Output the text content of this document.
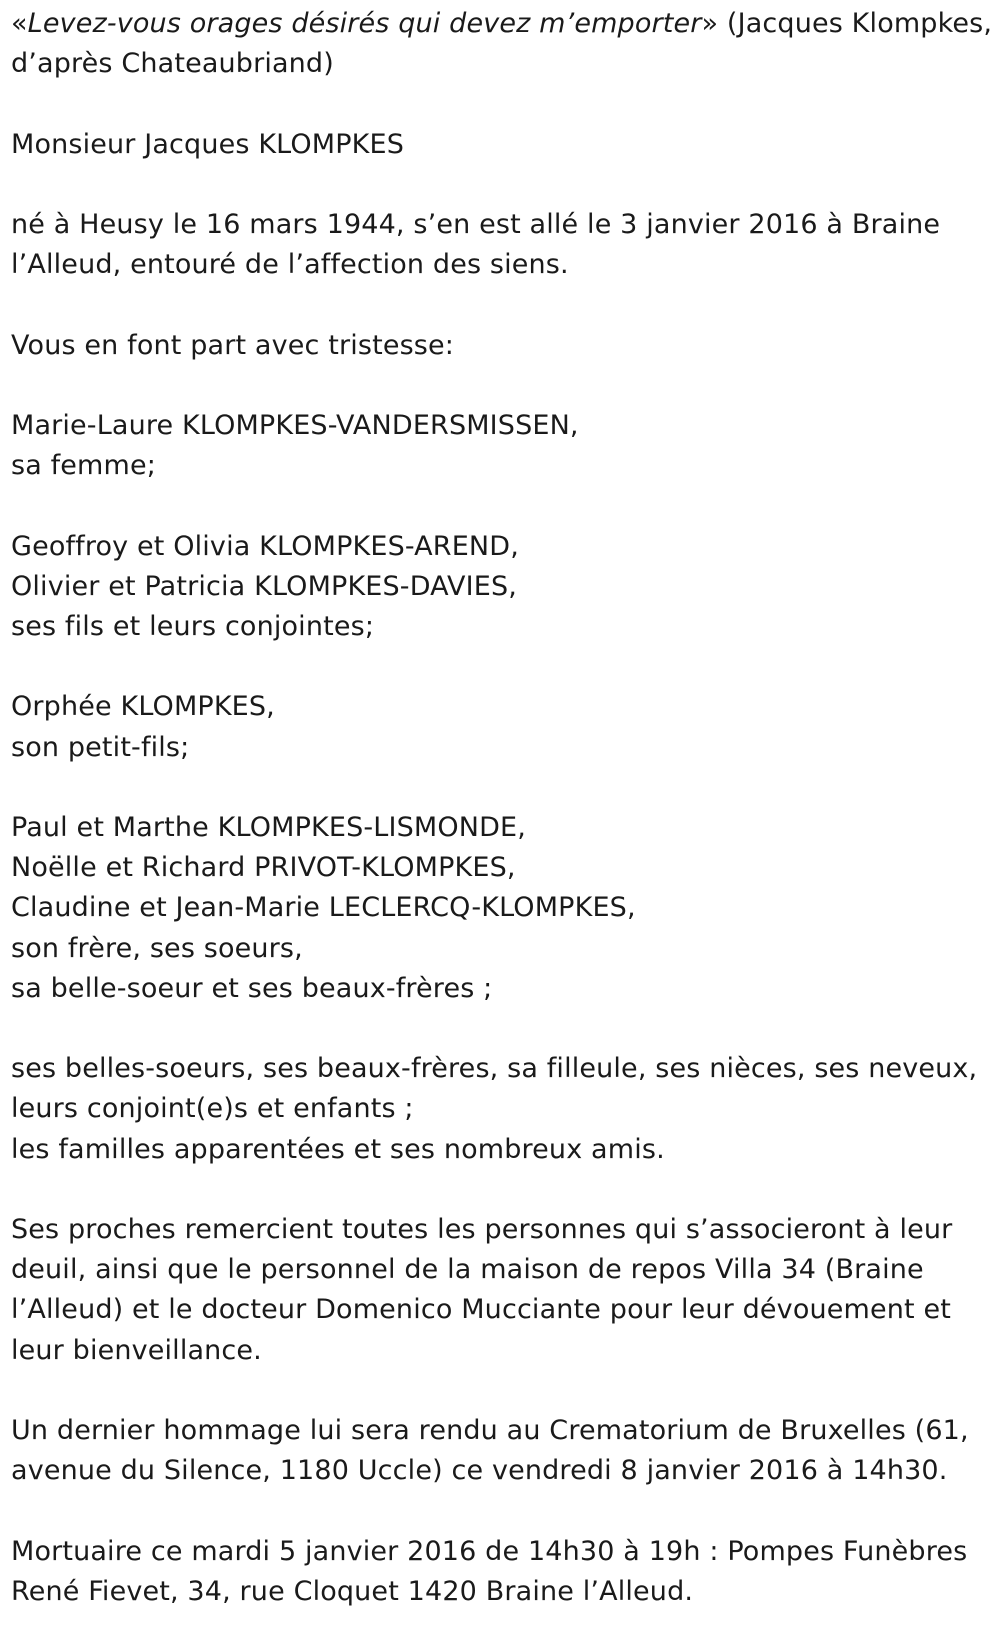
«Levez-vous orages désirés qui devez m’emporter» (Jacques Klompkes,
d’après Chateaubriand)
Monsieur Jacques KLOMPKES
né à Heusy le 16 mars 1944, s’en est allé le 3 janvier 2016 à Braine
l’Alleud, entouré de l’affection des siens.
Vous en font part avec tristesse:
Marie-Laure KLOMPKES-VANDERSMISSEN,
sa femme;
Geoffroy et Olivia KLOMPKES-AREND,
Olivier et Patricia KLOMPKES-DAVIES,
ses fils et leurs conjointes;
Orphée KLOMPKES,
son petit-fils;
Paul et Marthe KLOMPKES-LISMONDE,
Noëlle et Richard PRIVOT-KLOMPKES,
Claudine et Jean-Marie LECLERCQ-KLOMPKES,
son frère, ses soeurs,
sa belle-soeur et ses beaux-frères ;
ses belles-soeurs, ses beaux-frères, sa filleule, ses nièces, ses neveux,
leurs conjoint(e)s et enfants ;
les familles apparentées et ses nombreux amis.
Ses proches remercient toutes les personnes qui s’associeront à leur
deuil, ainsi que le personnel de la maison de repos Villa 34 (Braine
l’Alleud) et le docteur Domenico Mucciante pour leur dévouement et
leur bienveillance.
Un dernier hommage lui sera rendu au Crematorium de Bruxelles (61,
avenue du Silence, 1180 Uccle) ce vendredi 8 janvier 2016 à 14h30.
Mortuaire ce mardi 5 janvier 2016 de 14h30 à 19h : Pompes Funèbres
René Fievet, 34, rue Cloquet 1420 Braine l’Alleud.
